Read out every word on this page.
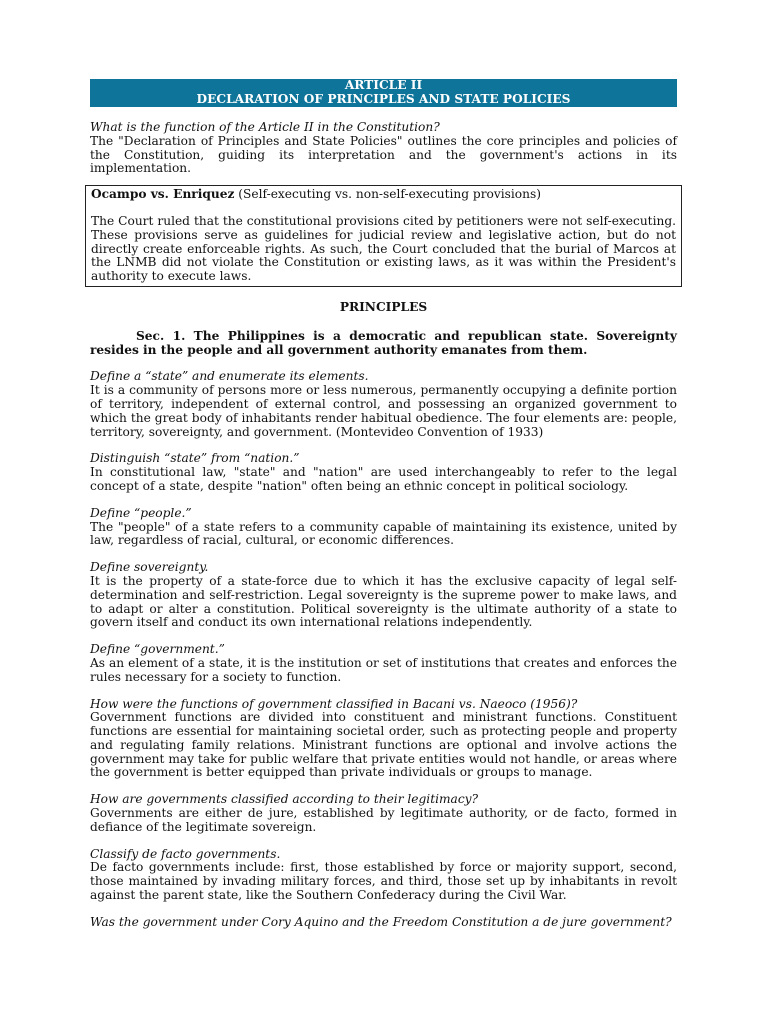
ARTICLE II
DECLARATION OF PRINCIPLES AND STATE POLICIES

What is the function of the Article II in the Constitution?

The "Declaration of Principles and State Policies" outlines the core principles and policies of the Constitution, guiding its interpretation and the government's actions in its implementation.

Ocampo vs. Enriquez (Self-executing vs. non-self-executing provisions)

The Court ruled that the constitutional provisions cited by petitioners were not self-executing. These provisions serve as guidelines for judicial review and legislative action, but do not directly create enforceable rights. As such, the Court concluded that the burial of Marcos at the LNMB did not violate the Constitution or existing laws, as it was within the President's authority to execute laws.

PRINCIPLES

Sec. 1. The Philippines is a democratic and republican state. Sovereignty resides in the people and all government authority emanates from them.

Define a “state” and enumerate its elements.

It is a community of persons more or less numerous, permanently occupying a definite portion of territory, independent of external control, and possessing an organized government to which the great body of inhabitants render habitual obedience. The four elements are: people, territory, sovereignty, and government. (Montevideo Convention of 1933)

Distinguish “state” from “nation.”

In constitutional law, "state" and "nation" are used interchangeably to refer to the legal concept of a state, despite "nation" often being an ethnic concept in political sociology.

Define “people.”

The "people" of a state refers to a community capable of maintaining its existence, united by law, regardless of racial, cultural, or economic differences.

Define sovereignty.

It is the property of a state-force due to which it has the exclusive capacity of legal self-determination and self-restriction. Legal sovereignty is the supreme power to make laws, and to adapt or alter a constitution. Political sovereignty is the ultimate authority of a state to govern itself and conduct its own international relations independently.

Define “government.”

As an element of a state, it is the institution or set of institutions that creates and enforces the rules necessary for a society to function.

How were the functions of government classified in Bacani vs. Naeoco (1956)?

Government functions are divided into constituent and ministrant functions. Constituent functions are essential for maintaining societal order, such as protecting people and property and regulating family relations. Ministrant functions are optional and involve actions the government may take for public welfare that private entities would not handle, or areas where the government is better equipped than private individuals or groups to manage.

How are governments classified according to their legitimacy?

Governments are either de jure, established by legitimate authority, or de facto, formed in defiance of the legitimate sovereign.

Classify de facto governments.

De facto governments include: first, those established by force or majority support, second, those maintained by invading military forces, and third, those set up by inhabitants in revolt against the parent state, like the Southern Confederacy during the Civil War.

Was the government under Cory Aquino and the Freedom Constitution a de jure government?
